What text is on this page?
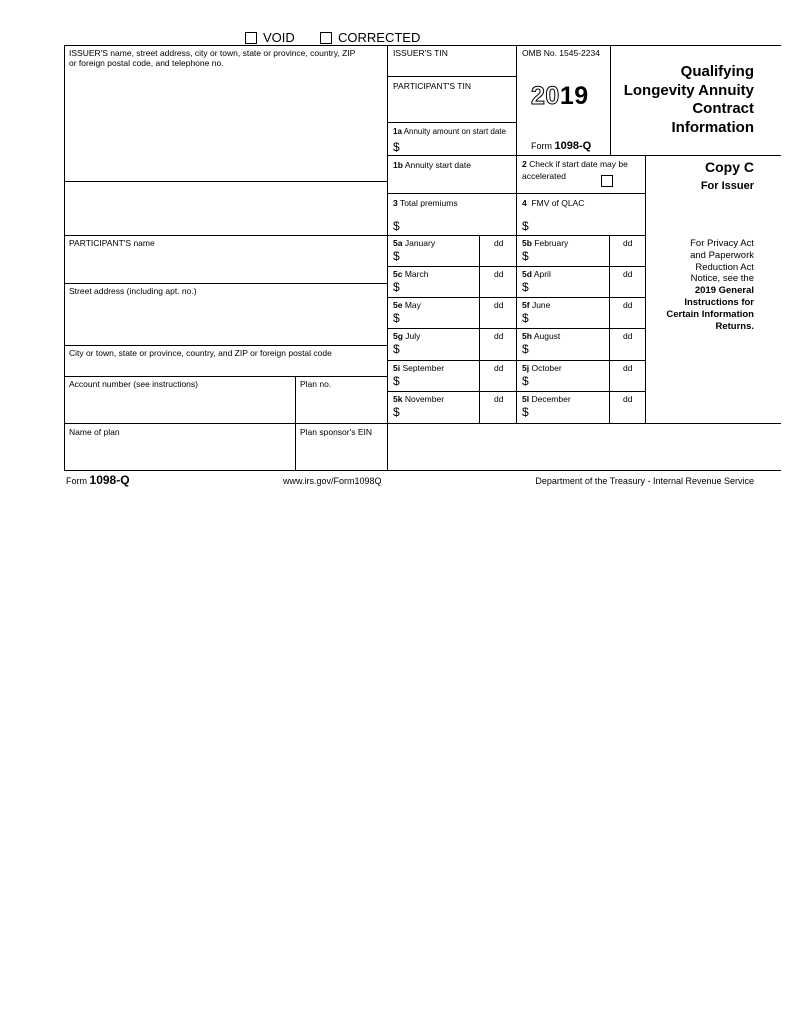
VOID	CORRECTED
ISSUER'S name, street address, city or town, state or province, country, ZIP
or foreign postal code, and telephone no.
PARTICIPANT'S name
Street address (including apt. no.)
City or town, state or province, country, and ZIP or foreign postal code
Account number (see instructions)	Plan no.
Name of plan	Plan sponsor's EIN
ISSUER'S TIN
PARTICIPANT'S TIN
1a Annuity amount on start date
$
OMB No. 1545-2234
2019
Form 1098-Q
Qualifying
Longevity Annuity
Contract
Information
1b Annuity start date	2 Check if start date may be
accelerated
Copy C
For Issuer
3 Total premiums
$
4 FMV of QLAC
$
5a January	dd
$
5b February	dd
$
5c March	dd
$
5d April	dd
$
5e May	dd
$
5f June	dd
$
5g July	dd
$
5h August	dd
$
5i September	dd
$
5j October	dd
$
5k November	dd
$
5l December	dd
$
For Privacy Act
and Paperwork
Reduction Act
Notice, see the
2019 General
Instructions for
Certain Information
Returns.
Form 1098-Q	www.irs.gov/Form1098Q	Department of the Treasury - Internal Revenue Service
